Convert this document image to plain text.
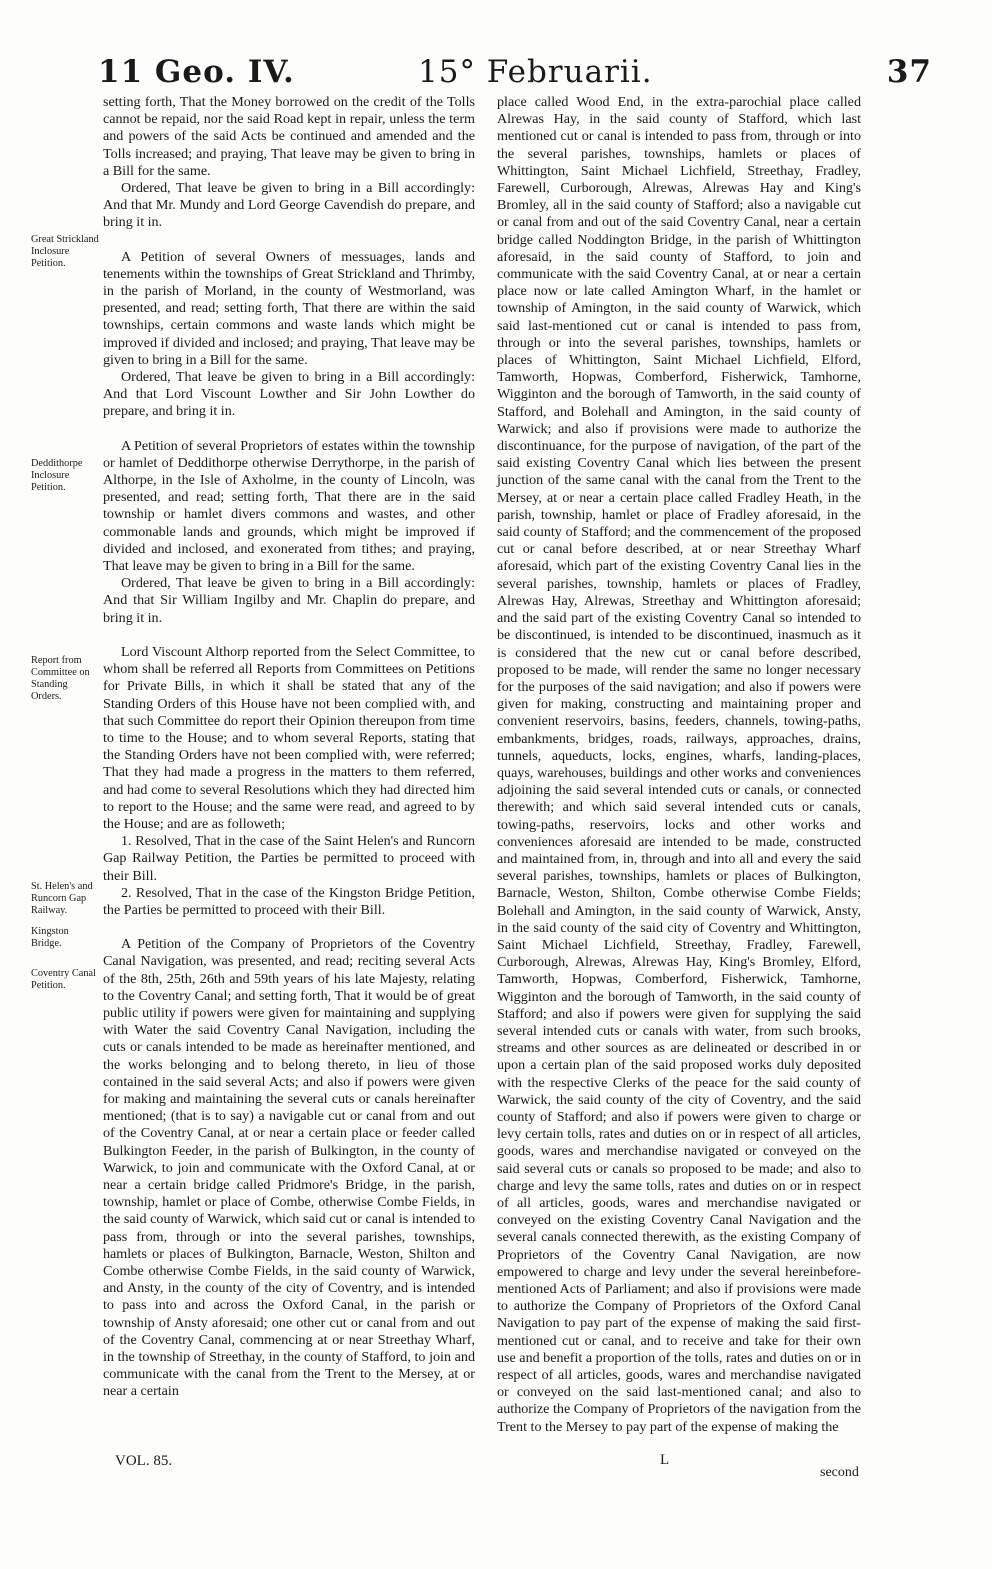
11 Geo. IV.	15° Februarii.	37
Great Strickland Inclosure Petition.
Deddithorpe Inclosure Petition.
Report from Committee on Standing Orders.
St. Helen's and Runcorn Gap Railway.
Kingston Bridge.
Coventry Canal Petition.

setting forth, That the Money borrowed on the credit of the Tolls cannot be repaid, nor the said Road kept in repair, unless the term and powers of the said Acts be continued and amended and the Tolls increased; and praying, That leave may be given to bring in a Bill for the same.

Ordered, That leave be given to bring in a Bill accordingly: And that Mr. Mundy and Lord George Cavendish do prepare, and bring it in.

A Petition of several Owners of messuages, lands and tenements within the townships of Great Strickland and Thrimby, in the parish of Morland, in the county of Westmorland, was presented, and read; setting forth, That there are within the said townships, certain commons and waste lands which might be improved if divided and inclosed; and praying, That leave may be given to bring in a Bill for the same.

Ordered, That leave be given to bring in a Bill accordingly: And that Lord Viscount Lowther and Sir John Lowther do prepare, and bring it in.

A Petition of several Proprietors of estates within the township or hamlet of Deddithorpe otherwise Derrythorpe, in the parish of Althorpe, in the Isle of Axholme, in the county of Lincoln, was presented, and read; setting forth, That there are in the said township or hamlet divers commons and wastes, and other commonable lands and grounds, which might be improved if divided and inclosed, and exonerated from tithes; and praying, That leave may be given to bring in a Bill for the same.

Ordered, That leave be given to bring in a Bill accordingly: And that Sir William Ingilby and Mr. Chaplin do prepare, and bring it in.

Lord Viscount Althorp reported from the Select Committee, to whom shall be referred all Reports from Committees on Petitions for Private Bills, in which it shall be stated that any of the Standing Orders of this House have not been complied with, and that such Committee do report their Opinion thereupon from time to time to the House; and to whom several Reports, stating that the Standing Orders have not been complied with, were referred; That they had made a progress in the matters to them referred, and had come to several Resolutions which they had directed him to report to the House; and the same were read, and agreed to by the House; and are as followeth;

1. Resolved, That in the case of the Saint Helen's and Runcorn Gap Railway Petition, the Parties be permitted to proceed with their Bill.

2. Resolved, That in the case of the Kingston Bridge Petition, the Parties be permitted to proceed with their Bill.

A Petition of the Company of Proprietors of the Coventry Canal Navigation, was presented, and read; reciting several Acts of the 8th, 25th, 26th and 59th years of his late Majesty, relating to the Coventry Canal; and setting forth, That it would be of great public utility if powers were given for maintaining and supplying with Water the said Coventry Canal Navigation, including the cuts or canals intended to be made as hereinafter mentioned, and the works belonging and to belong thereto, in lieu of those contained in the said several Acts; and also if powers were given for making and maintaining the several cuts or canals hereinafter mentioned; (that is to say) a navigable cut or canal from and out of the Coventry Canal, at or near a certain place or feeder called Bulkington Feeder, in the parish of Bulkington, in the county of Warwick, to join and communicate with the Oxford Canal, at or near a certain bridge called Pridmore's Bridge, in the parish, township, hamlet or place of Combe, otherwise Combe Fields, in the said county of Warwick, which said cut or canal is intended to pass from, through or into the several parishes, townships, hamlets or places of Bulkington, Barnacle, Weston, Shilton and Combe otherwise Combe Fields, in the said county of Warwick, and Ansty, in the county of the city of Coventry, and is intended to pass into and across the Oxford Canal, in the parish or township of Ansty aforesaid; one other cut or canal from and out of the Coventry Canal, commencing at or near Streethay Wharf, in the township of Streethay, in the county of Stafford, to join and communicate with the canal from the Trent to the Mersey, at or near a certain

place called Wood End, in the extra-parochial place called Alrewas Hay, in the said county of Stafford, which last mentioned cut or canal is intended to pass from, through or into the several parishes, townships, hamlets or places of Whittington, Saint Michael Lichfield, Streethay, Fradley, Farewell, Curborough, Alrewas, Alrewas Hay and King's Bromley, all in the said county of Stafford; also a navigable cut or canal from and out of the said Coventry Canal, near a certain bridge called Noddington Bridge, in the parish of Whittington aforesaid, in the said county of Stafford, to join and communicate with the said Coventry Canal, at or near a certain place now or late called Amington Wharf, in the hamlet or township of Amington, in the said county of Warwick, which said last-mentioned cut or canal is intended to pass from, through or into the several parishes, townships, hamlets or places of Whittington, Saint Michael Lichfield, Elford, Tamworth, Hopwas, Comberford, Fisherwick, Tamhorne, Wigginton and the borough of Tamworth, in the said county of Stafford, and Bolehall and Amington, in the said county of Warwick; and also if provisions were made to authorize the discontinuance, for the purpose of navigation, of the part of the said existing Coventry Canal which lies between the present junction of the same canal with the canal from the Trent to the Mersey, at or near a certain place called Fradley Heath, in the parish, township, hamlet or place of Fradley aforesaid, in the said county of Stafford; and the commencement of the proposed cut or canal before described, at or near Streethay Wharf aforesaid, which part of the existing Coventry Canal lies in the several parishes, township, hamlets or places of Fradley, Alrewas Hay, Alrewas, Streethay and Whittington aforesaid; and the said part of the existing Coventry Canal so intended to be discontinued, is intended to be discontinued, inasmuch as it is considered that the new cut or canal before described, proposed to be made, will render the same no longer necessary for the purposes of the said navigation; and also if powers were given for making, constructing and maintaining proper and convenient reservoirs, basins, feeders, channels, towing-paths, embankments, bridges, roads, railways, approaches, drains, tunnels, aqueducts, locks, engines, wharfs, landing-places, quays, warehouses, buildings and other works and conveniences adjoining the said several intended cuts or canals, or connected therewith; and which said several intended cuts or canals, towing-paths, reservoirs, locks and other works and conveniences aforesaid are intended to be made, constructed and maintained from, in, through and into all and every the said several parishes, townships, hamlets or places of Bulkington, Barnacle, Weston, Shilton, Combe otherwise Combe Fields; Bolehall and Amington, in the said county of Warwick, Ansty, in the said county of the said city of Coventry and Whittington, Saint Michael Lichfield, Streethay, Fradley, Farewell, Curborough, Alrewas, Alrewas Hay, King's Bromley, Elford, Tamworth, Hopwas, Comberford, Fisherwick, Tamhorne, Wigginton and the borough of Tamworth, in the said county of Stafford; and also if powers were given for supplying the said several intended cuts or canals with water, from such brooks, streams and other sources as are delineated or described in or upon a certain plan of the said proposed works duly deposited with the respective Clerks of the peace for the said county of Warwick, the said county of the city of Coventry, and the said county of Stafford; and also if powers were given to charge or levy certain tolls, rates and duties on or in respect of all articles, goods, wares and merchandise navigated or conveyed on the said several cuts or canals so proposed to be made; and also to charge and levy the same tolls, rates and duties on or in respect of all articles, goods, wares and merchandise navigated or conveyed on the existing Coventry Canal Navigation and the several canals connected therewith, as the existing Company of Proprietors of the Coventry Canal Navigation, are now empowered to charge and levy under the several hereinbefore-mentioned Acts of Parliament; and also if provisions were made to authorize the Company of Proprietors of the Oxford Canal Navigation to pay part of the expense of making the said first-mentioned cut or canal, and to receive and take for their own use and benefit a proportion of the tolls, rates and duties on or in respect of all articles, goods, wares and merchandise navigated or conveyed on the said last-mentioned canal; and also to authorize the Company of Proprietors of the navigation from the Trent to the Mersey to pay part of the expense of making the

VOL. 85.	L
second
